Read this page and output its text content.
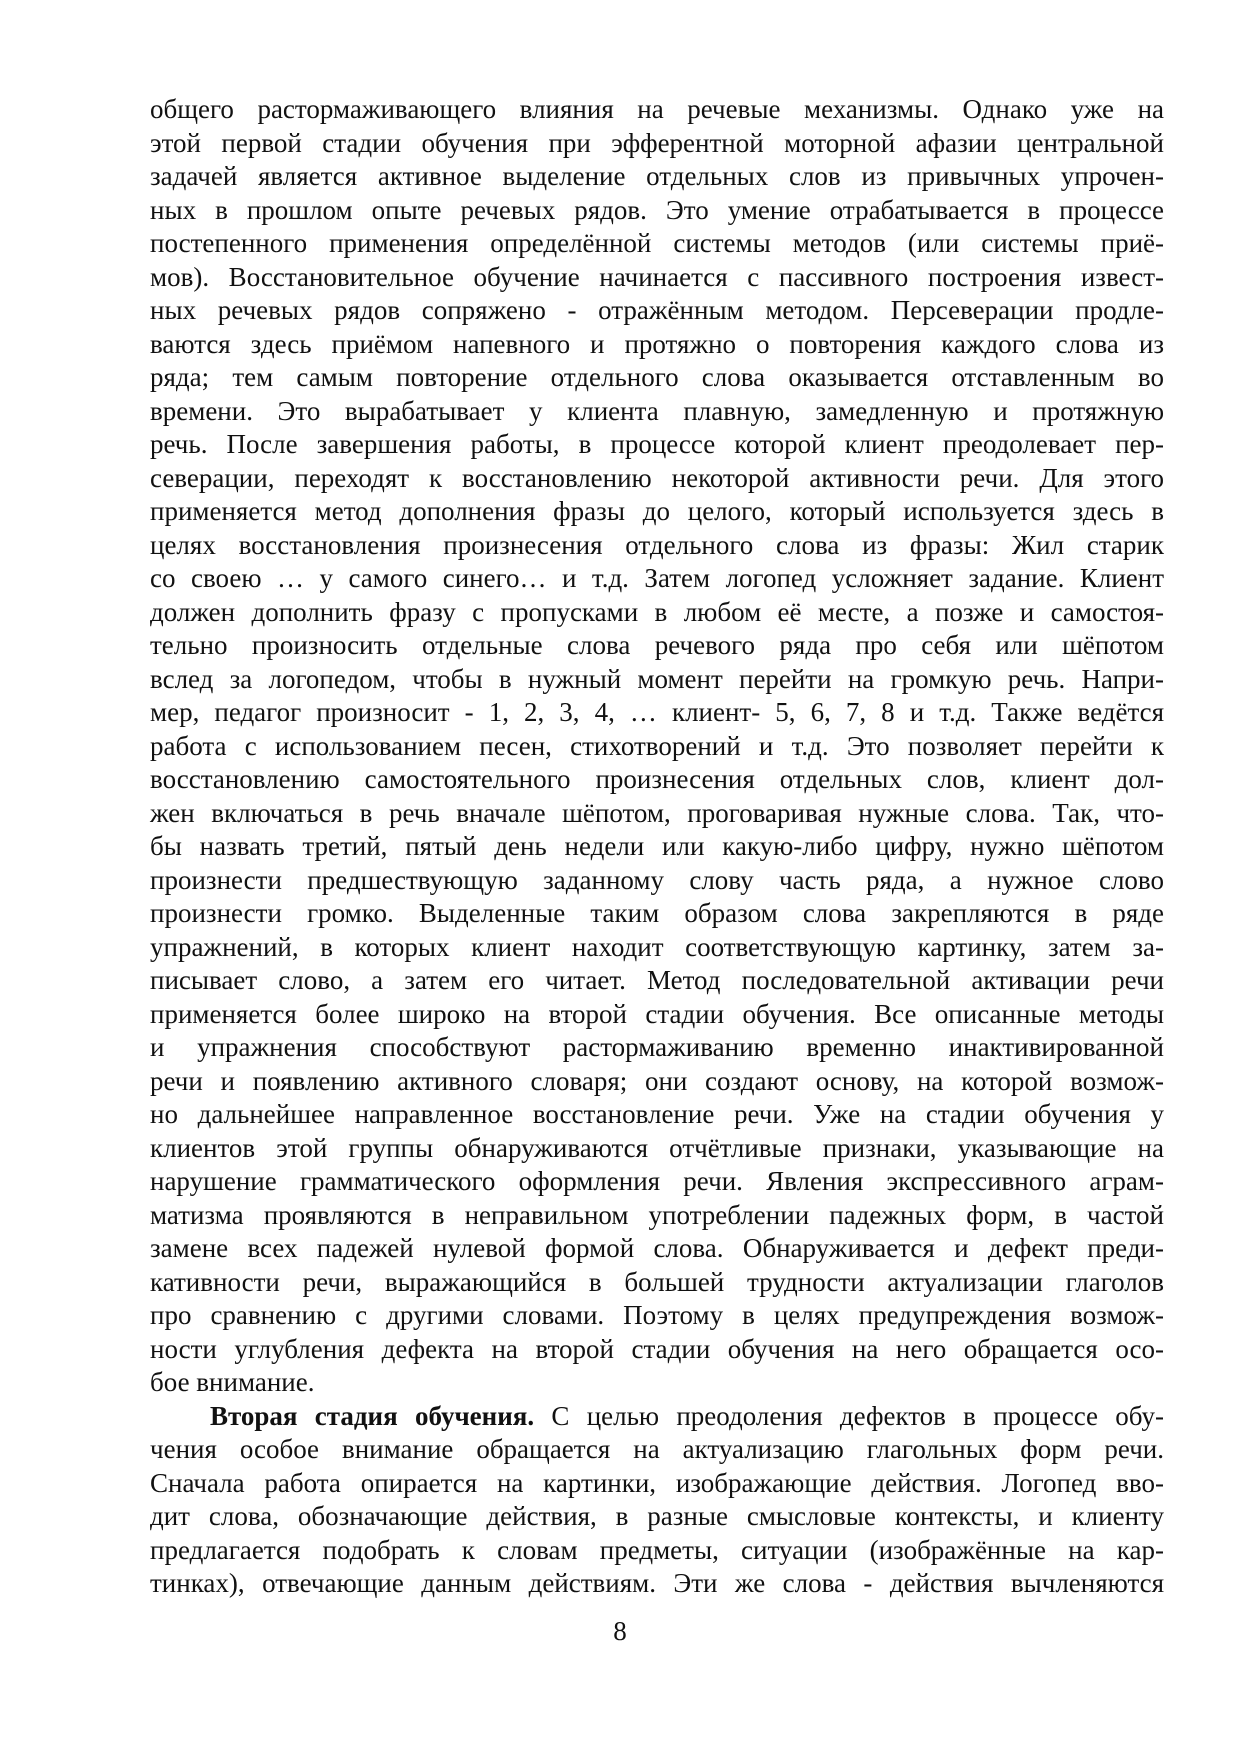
общего растормаживающего влияния на речевые механизмы. Однако уже на
этой первой стадии обучения при эфферентной моторной афазии центральной
задачей является активное выделение отдельных слов из привычных упрочен-
ных в прошлом опыте речевых рядов. Это умение отрабатывается в процессе
постепенного применения определённой системы методов (или системы приё-
мов). Восстановительное обучение начинается с пассивного построения извест-
ных речевых рядов сопряжено - отражённым методом. Персеверации продле-
ваются здесь приёмом напевного и протяжно о повторения каждого слова из
ряда; тем самым повторение отдельного слова оказывается отставленным во
времени. Это вырабатывает у клиента плавную, замедленную и протяжную
речь. После завершения работы, в процессе которой клиент преодолевает пер-
северации, переходят к восстановлению некоторой активности речи. Для этого
применяется метод дополнения фразы до целого, который используется здесь в
целях восстановления произнесения отдельного слова из фразы: Жил старик
со своею … у самого синего… и т.д. Затем логопед усложняет задание. Клиент
должен дополнить фразу с пропусками в любом её месте, а позже и самостоя-
тельно произносить отдельные слова речевого ряда про себя или шёпотом
вслед за логопедом, чтобы в нужный момент перейти на громкую речь. Напри-
мер, педагог произносит - 1, 2, 3, 4, … клиент- 5, 6, 7, 8 и т.д. Также ведётся
работа с использованием песен, стихотворений и т.д. Это позволяет перейти к
восстановлению самостоятельного произнесения отдельных слов, клиент дол-
жен включаться в речь вначале шёпотом, проговаривая нужные слова. Так, что-
бы назвать третий, пятый день недели или какую-либо цифру, нужно шёпотом
произнести предшествующую заданному слову часть ряда, а нужное слово
произнести громко. Выделенные таким образом слова закрепляются в ряде
упражнений, в которых клиент находит соответствующую картинку, затем за-
писывает слово, а затем его читает. Метод последовательной активации речи
применяется более широко на второй стадии обучения. Все описанные методы
и упражнения способствуют растормаживанию временно инактивированной
речи и появлению активного словаря; они создают основу, на которой возмож-
но дальнейшее направленное восстановление речи. Уже на стадии обучения у
клиентов этой группы обнаруживаются отчётливые признаки, указывающие на
нарушение грамматического оформления речи. Явления экспрессивного аграм-
матизма проявляются в неправильном употреблении падежных форм, в частой
замене всех падежей нулевой формой слова. Обнаруживается и дефект преди-
кативности речи, выражающийся в большей трудности актуализации глаголов
про сравнению с другими словами. Поэтому в целях предупреждения возмож-
ности углубления дефекта на второй стадии обучения на него обращается осо-
бое внимание.
Вторая стадия обучения. С целью преодоления дефектов в процессе обу-
чения особое внимание обращается на актуализацию глагольных форм речи.
Сначала работа опирается на картинки, изображающие действия. Логопед вво-
дит слова, обозначающие действия, в разные смысловые контексты, и клиенту
предлагается подобрать к словам предметы, ситуации (изображённые на кар-
тинках), отвечающие данным действиям. Эти же слова - действия вычленяются
8
